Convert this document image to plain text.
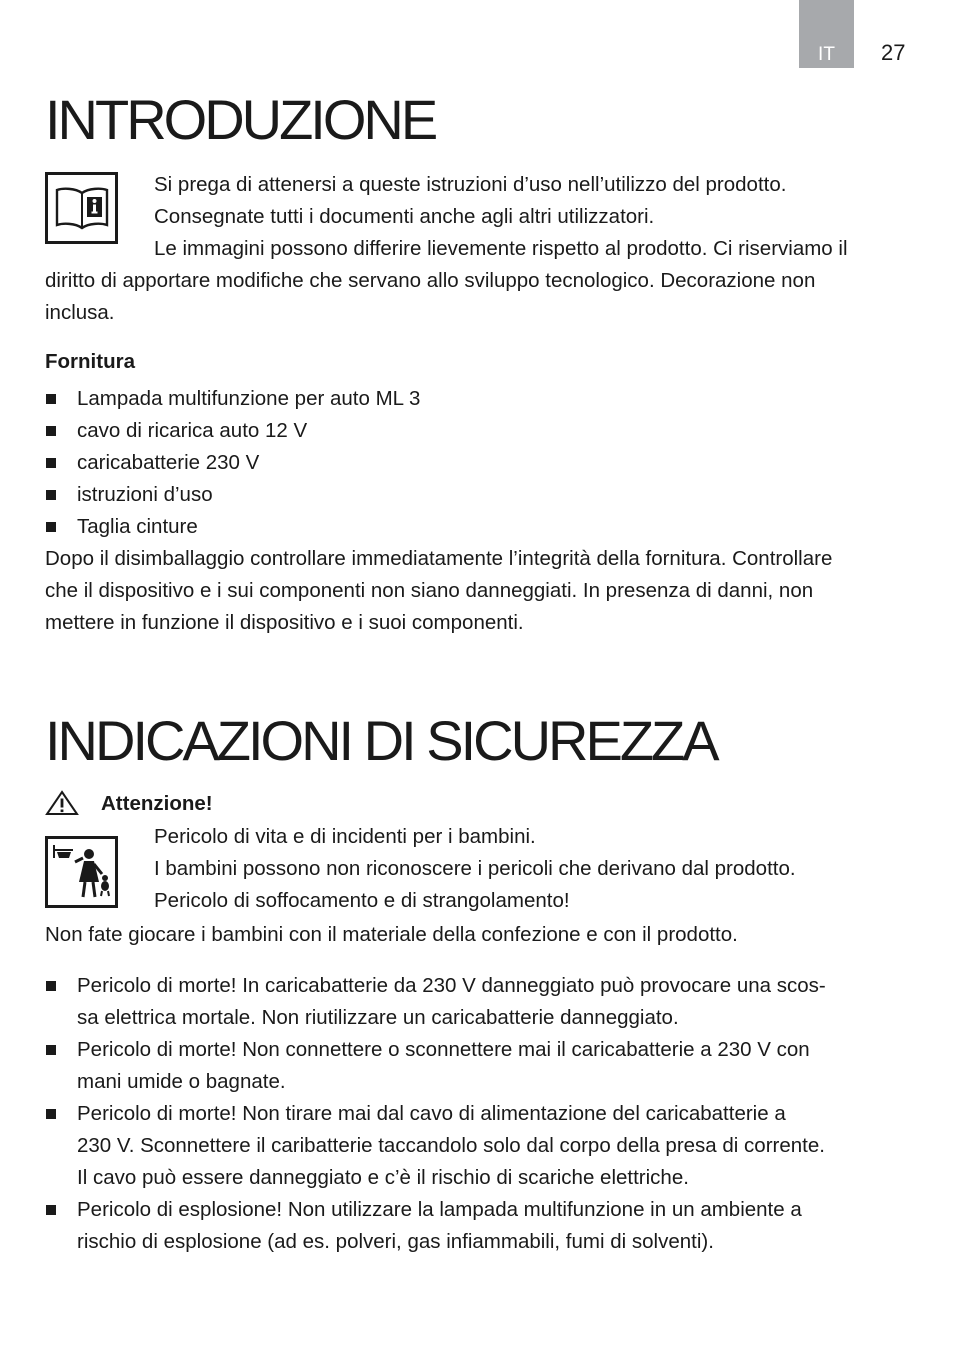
IT	27
INTRODUZIONE
Si prega di attenersi a queste istruzioni d’uso nell’utilizzo del prodotto.
Consegnate tutti i documenti anche agli altri utilizzatori.
Le immagini possono differire lievemente rispetto al prodotto. Ci riserviamo il
diritto di apportare modifiche che servano allo sviluppo tecnologico. Decorazione non
inclusa.
Fornitura
Lampada multifunzione per auto ML 3
cavo di ricarica auto 12 V
caricabatterie 230 V
istruzioni d’uso
Taglia cinture
Dopo il disimballaggio controllare immediatamente l’integrità della fornitura. Controllare
che il dispositivo e i sui componenti non siano danneggiati. In presenza di danni, non
mettere in funzione il dispositivo e i suoi componenti.
INDICAZIONI DI SICUREZZA
Attenzione!
Pericolo di vita e di incidenti per i bambini.
I bambini possono non riconoscere i pericoli che derivano dal prodotto.
Pericolo di soffocamento e di strangolamento!
Non fate giocare i bambini con il materiale della confezione e con il prodotto.
Pericolo di morte! In caricabatterie da 230 V danneggiato può provocare una scos-
sa elettrica mortale. Non riutilizzare un caricabatterie danneggiato.
Pericolo di morte! Non connettere o sconnettere mai il caricabatterie a 230 V con
mani umide o bagnate.
Pericolo di morte! Non tirare mai dal cavo di alimentazione del caricabatterie a
230 V. Sconnettere il caribatterie taccandolo solo dal corpo della presa di corrente.
Il cavo può essere danneggiato e c’è il rischio di scariche elettriche.
Pericolo di esplosione! Non utilizzare la lampada multifunzione in un ambiente a
rischio di esplosione (ad es. polveri, gas infiammabili, fumi di solventi).
